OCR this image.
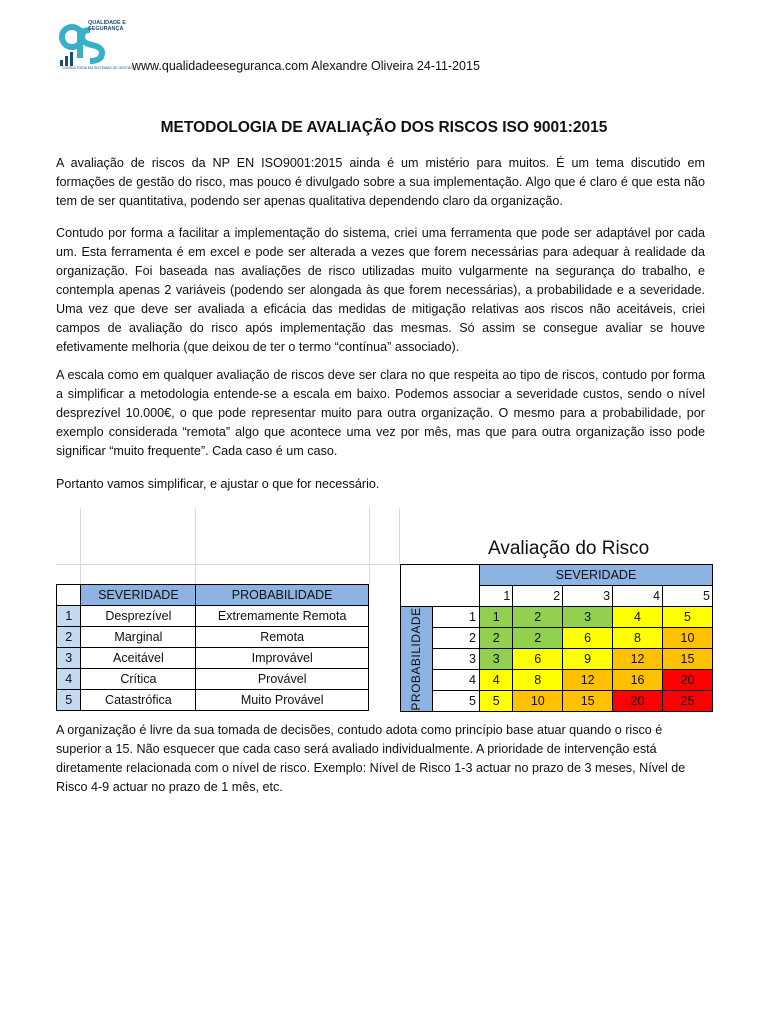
QUALIDADE E SEGURANÇA
CONSULTORIA EM SISTEMAS DE GESTÃO
www.qualidadeeseguranca.com Alexandre Oliveira 24-11-2015
METODOLOGIA DE AVALIAÇÃO DOS RISCOS ISO 9001:2015
A avaliação de riscos da NP EN ISO9001:2015 ainda é um mistério para muitos. É um tema discutido em formações de gestão do risco, mas pouco é divulgado sobre a sua implementação. Algo que é claro é que esta não tem de ser quantitativa, podendo ser apenas qualitativa dependendo claro da organização.
Contudo por forma a facilitar a implementação do sistema, criei uma ferramenta que pode ser adaptável por cada um. Esta ferramenta é em excel e pode ser alterada a vezes que forem necessárias para adequar à realidade da organização. Foi baseada nas avaliações de risco utilizadas muito vulgarmente na segurança do trabalho, e contempla apenas 2 variáveis (podendo ser alongada às que forem necessárias), a probabilidade e a severidade. Uma vez que deve ser avaliada a eficácia das medidas de mitigação relativas aos riscos não aceitáveis, criei campos de avaliação do risco após implementação das mesmas. Só assim se consegue avaliar se houve efetivamente melhoria (que deixou de ter o termo “contínua” associado).
A escala como em qualquer avaliação de riscos deve ser clara no que respeita ao tipo de riscos, contudo por forma a simplificar a metodologia entende-se a escala em baixo. Podemos associar a severidade custos, sendo o nível desprezível 10.000€, o que pode representar muito para outra organização. O mesmo para a probabilidade, por exemplo considerada “remota” algo que acontece uma vez por mês, mas que para outra organização isso pode significar “muito frequente”. Cada caso é um caso.
Portanto vamos simplificar, e ajustar o que for necessário.
	SEVERIDADE	PROBABILIDADE
1	Desprezível	Extremamente Remota
2	Marginal	Remota
3	Aceitável	Improvável
4	Crítica	Provável
5	Catastrófica	Muito Provável
Avaliação do Risco
		SEVERIDADE				
		1	2	3	4	5

PROBABILIDADE	1	1	2	3	4	5
	2	2	2	6	8	10
	3	3	6	9	12	15
	4	4	8	12	16	20
	5	5	10	15	20	25
A organização é livre da sua tomada de decisões, contudo adota como princípio base atuar quando o risco é superior a 15. Não esquecer que cada caso será avaliado individualmente. A prioridade de intervenção está diretamente relacionada com o nível de risco. Exemplo: Nível de Risco 1-3 actuar no prazo de 3 meses, Nível de Risco 4-9 actuar no prazo de 1 mês, etc.
